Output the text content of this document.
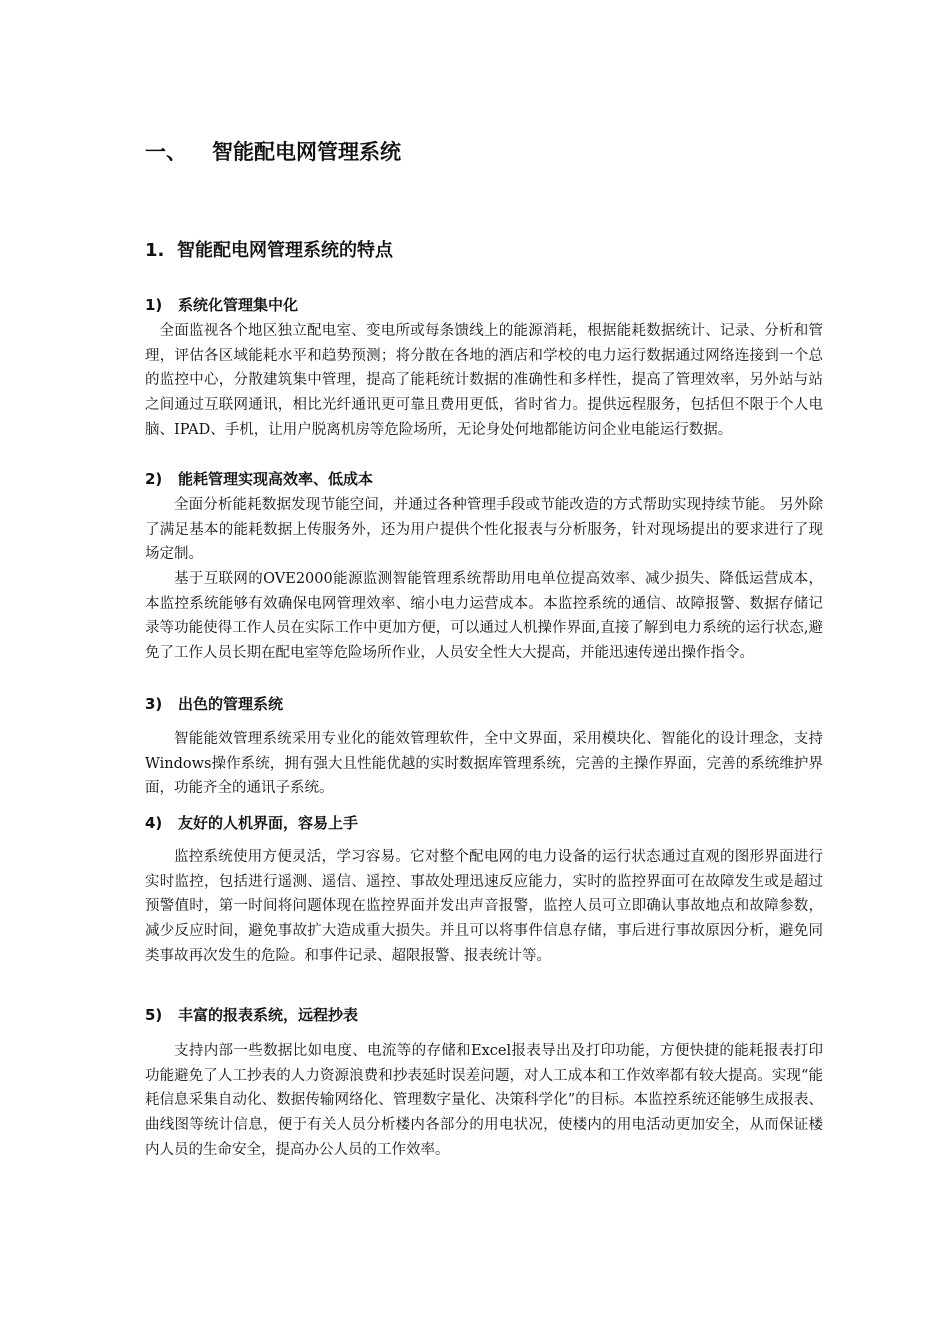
一、 智能配电网管理系统
1. 智能配电网管理系统的特点
1) 系统化管理集中化
全面监视各个地区独立配电室、变电所或每条馈线上的能源消耗，根据能耗数据统计、记录、分析和管理，评估各区域能耗水平和趋势预测；将分散在各地的酒店和学校的电力运行数据通过网络连接到一个总的监控中心，分散建筑集中管理，提高了能耗统计数据的准确性和多样性，提高了管理效率，另外站与站之间通过互联网通讯，相比光纤通讯更可靠且费用更低，省时省力。提供远程服务，包括但不限于个人电脑、IPAD、手机，让用户脱离机房等危险场所，无论身处何地都能访问企业电能运行数据。
2) 能耗管理实现高效率、低成本
全面分析能耗数据发现节能空间，并通过各种管理手段或节能改造的方式帮助实现持续节能。 另外除了满足基本的能耗数据上传服务外，还为用户提供个性化报表与分析服务，针对现场提出的要求进行了现场定制。
基于互联网的OVE2000能源监测智能管理系统帮助用电单位提高效率、减少损失、降低运营成本，本监控系统能够有效确保电网管理效率、缩小电力运营成本。本监控系统的通信、故障报警、数据存储记录等功能使得工作人员在实际工作中更加方便，可以通过人机操作界面,直接了解到电力系统的运行状态,避免了工作人员长期在配电室等危险场所作业，人员安全性大大提高，并能迅速传递出操作指令。
3) 出色的管理系统
智能能效管理系统采用专业化的能效管理软件，全中文界面，采用模块化、智能化的设计理念，支持Windows操作系统，拥有强大且性能优越的实时数据库管理系统，完善的主操作界面，完善的系统维护界面，功能齐全的通讯子系统。
4) 友好的人机界面，容易上手
监控系统使用方便灵活，学习容易。它对整个配电网的电力设备的运行状态通过直观的图形界面进行实时监控，包括进行遥测、遥信、遥控、事故处理迅速反应能力，实时的监控界面可在故障发生或是超过预警值时，第一时间将问题体现在监控界面并发出声音报警，监控人员可立即确认事故地点和故障参数，减少反应时间，避免事故扩大造成重大损失。并且可以将事件信息存储，事后进行事故原因分析，避免同类事故再次发生的危险。和事件记录、超限报警、报表统计等。
5) 丰富的报表系统，远程抄表
支持内部一些数据比如电度、电流等的存储和Excel报表导出及打印功能，方便快捷的能耗报表打印功能避免了人工抄表的人力资源浪费和抄表延时误差问题，对人工成本和工作效率都有较大提高。实现“能耗信息采集自动化、数据传输网络化、管理数字量化、决策科学化”的目标。本监控系统还能够生成报表、曲线图等统计信息，便于有关人员分析楼内各部分的用电状况，使楼内的用电活动更加安全，从而保证楼内人员的生命安全，提高办公人员的工作效率。
